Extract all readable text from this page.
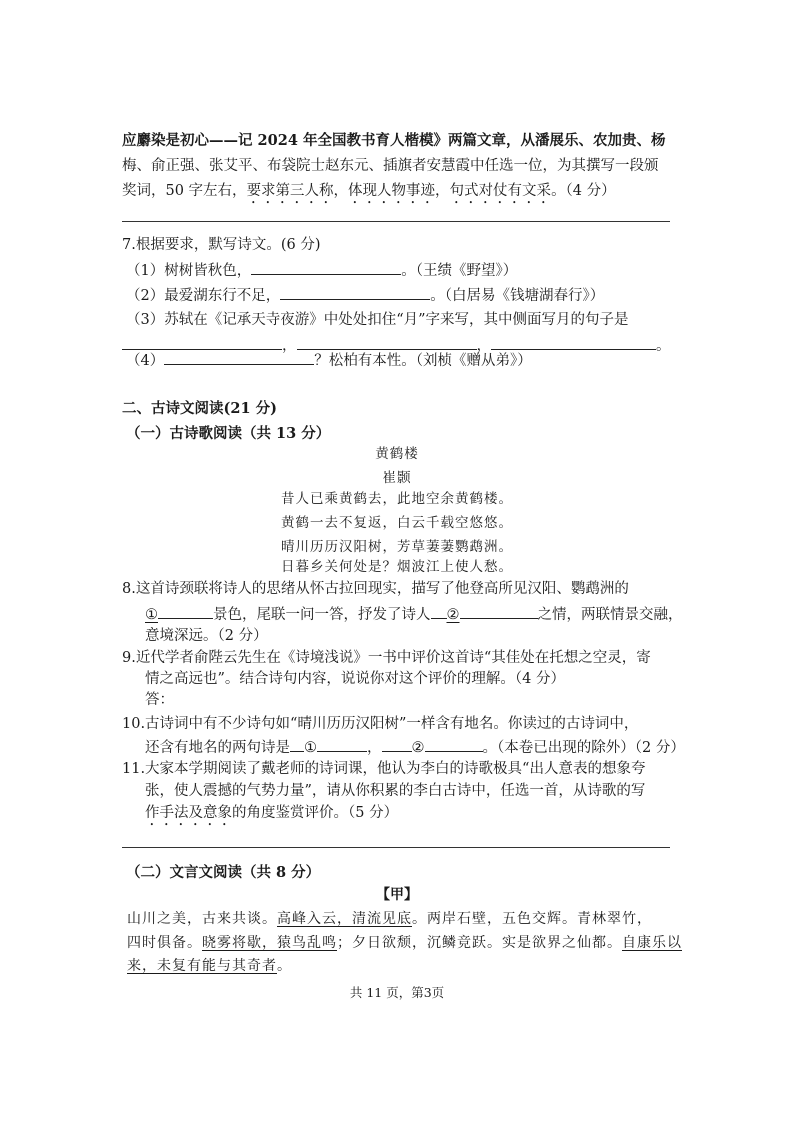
应麝染是初心——记 2024 年全国教书育人楷模》两篇文章，从潘展乐、农加贵、杨
梅、俞正强、张艾平、布袋院士赵东元、插旗者安慧霞中任选一位，为其撰写一段颁
奖词，50 字左右，要求第三人称，体现人物事迹，句式对仗有文采。（4 分）
7.根据要求，默写诗文。(6 分)
（1）树树皆秋色，	。（王绩《野望》）
（2）最爱湖东行不足，	。（白居易《钱塘湖春行》）
（3）苏轼在《记承天寺夜游》中处处扣住“月”字来写，其中侧面写月的句子是
，	，	。
（4）	？松柏有本性。（刘桢《赠从弟》）
二、古诗文阅读(21 分)
（一）古诗歌阅读（共 13 分）
黄鹤楼
崔颢
昔人已乘黄鹤去，此地空余黄鹤楼。
黄鹤一去不复返，白云千载空悠悠。
晴川历历汉阳树，芳草萋萋鹦鹉洲。
日暮乡关何处是？烟波江上使人愁。
8.这首诗颈联将诗人的思绪从怀古拉回现实，描写了他登高所见汉阳、鹦鹉洲的
①	景色，尾联一问一答，抒发了诗人 ②	之情，两联情景交融，
意境深远。（2 分）
9.近代学者俞陛云先生在《诗境浅说》一书中评价这首诗“其佳处在托想之空灵，寄
情之高远也”。结合诗句内容，说说你对这个评价的理解。（4 分）
答：
10.古诗词中有不少诗句如“晴川历历汉阳树”一样含有地名。你读过的古诗词中，
还含有地名的两句诗是 ①	， ②	。（本卷已出现的除外）（2 分）
11.大家本学期阅读了戴老师的诗词课，他认为李白的诗歌极具“出人意表的想象夸
张，使人震撼的气势力量”，请从你积累的李白古诗中，任选一首，从诗歌的写
作手法及意象的角度鉴赏评价。（5 分）
（二）文言文阅读（共 8 分）
【甲】
山川之美，古来共谈。高峰入云，清流见底。两岸石壁，五色交辉。青林翠竹，
四时俱备。晓雾将歇，猿鸟乱鸣；夕日欲颓，沉鳞竞跃。实是欲界之仙都。自康乐以
来，未复有能与其奇者。
共 11 页，第3页
